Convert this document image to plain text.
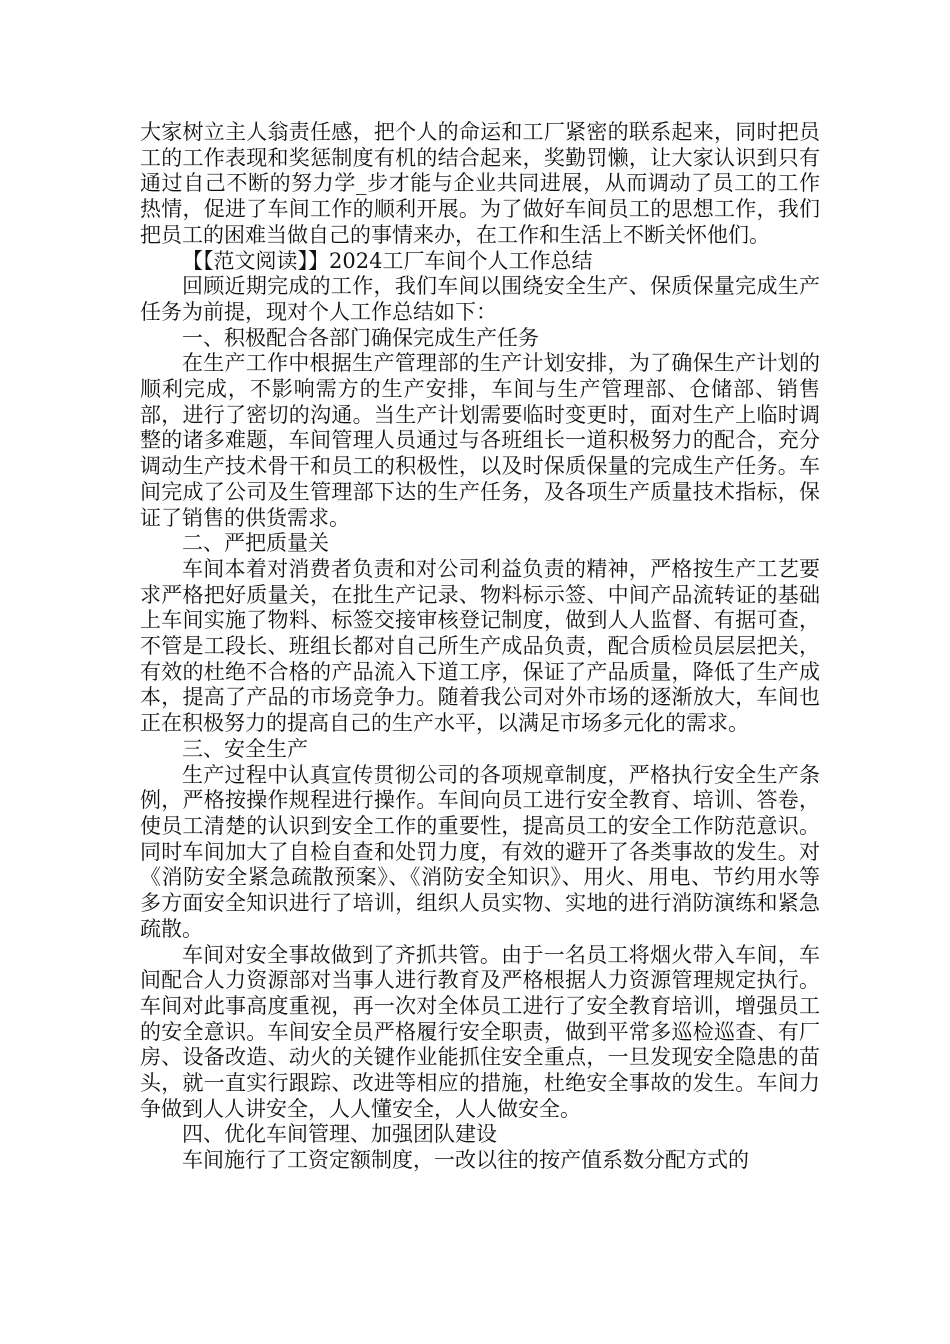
大家树立主人翁责任感，把个人的命运和工厂紧密的联系起来，同时把员工的工作表现和奖惩制度有机的结合起来，奖勤罚懒，让大家认识到只有通过自己不断的努力学_步才能与企业共同进展，从而调动了员工的工作热情，促进了车间工作的顺利开展。为了做好车间员工的思想工作，我们把员工的困难当做自己的事情来办，在工作和生活上不断关怀他们。

【【范文阅读】】2024工厂车间个人工作总结

回顾近期完成的工作，我们车间以围绕安全生产、保质保量完成生产任务为前提，现对个人工作总结如下：

一、积极配合各部门确保完成生产任务

在生产工作中根据生产管理部的生产计划安排，为了确保生产计划的顺利完成，不影响需方的生产安排，车间与生产管理部、仓储部、销售部，进行了密切的沟通。当生产计划需要临时变更时，面对生产上临时调整的诸多难题，车间管理人员通过与各班组长一道积极努力的配合，充分调动生产技术骨干和员工的积极性，以及时保质保量的完成生产任务。车间完成了公司及生管理部下达的生产任务，及各项生产质量技术指标，保证了销售的供货需求。

二、严把质量关

车间本着对消费者负责和对公司利益负责的精神，严格按生产工艺要求严格把好质量关，在批生产记录、物料标示签、中间产品流转证的基础上车间实施了物料、标签交接审核登记制度，做到人人监督、有据可查，不管是工段长、班组长都对自己所生产成品负责，配合质检员层层把关，有效的杜绝不合格的产品流入下道工序，保证了产品质量，降低了生产成本，提高了产品的市场竞争力。随着我公司对外市场的逐渐放大，车间也正在积极努力的提高自己的生产水平，以满足市场多元化的需求。

三、安全生产

生产过程中认真宣传贯彻公司的各项规章制度，严格执行安全生产条例，严格按操作规程进行操作。车间向员工进行安全教育、培训、答卷，使员工清楚的认识到安全工作的重要性，提高员工的安全工作防范意识。同时车间加大了自检自查和处罚力度，有效的避开了各类事故的发生。对《消防安全紧急疏散预案》、《消防安全知识》、用火、用电、节约用水等多方面安全知识进行了培训，组织人员实物、实地的进行消防演练和紧急疏散。

车间对安全事故做到了齐抓共管。由于一名员工将烟火带入车间，车间配合人力资源部对当事人进行教育及严格根据人力资源管理规定执行。车间对此事高度重视，再一次对全体员工进行了安全教育培训，增强员工的安全意识。车间安全员严格履行安全职责，做到平常多巡检巡查、有厂房、设备改造、动火的关键作业能抓住安全重点，一旦发现安全隐患的苗头，就一直实行跟踪、改进等相应的措施，杜绝安全事故的发生。车间力争做到人人讲安全，人人懂安全，人人做安全。

四、优化车间管理、加强团队建设

车间施行了工资定额制度，一改以往的按产值系数分配方式的
